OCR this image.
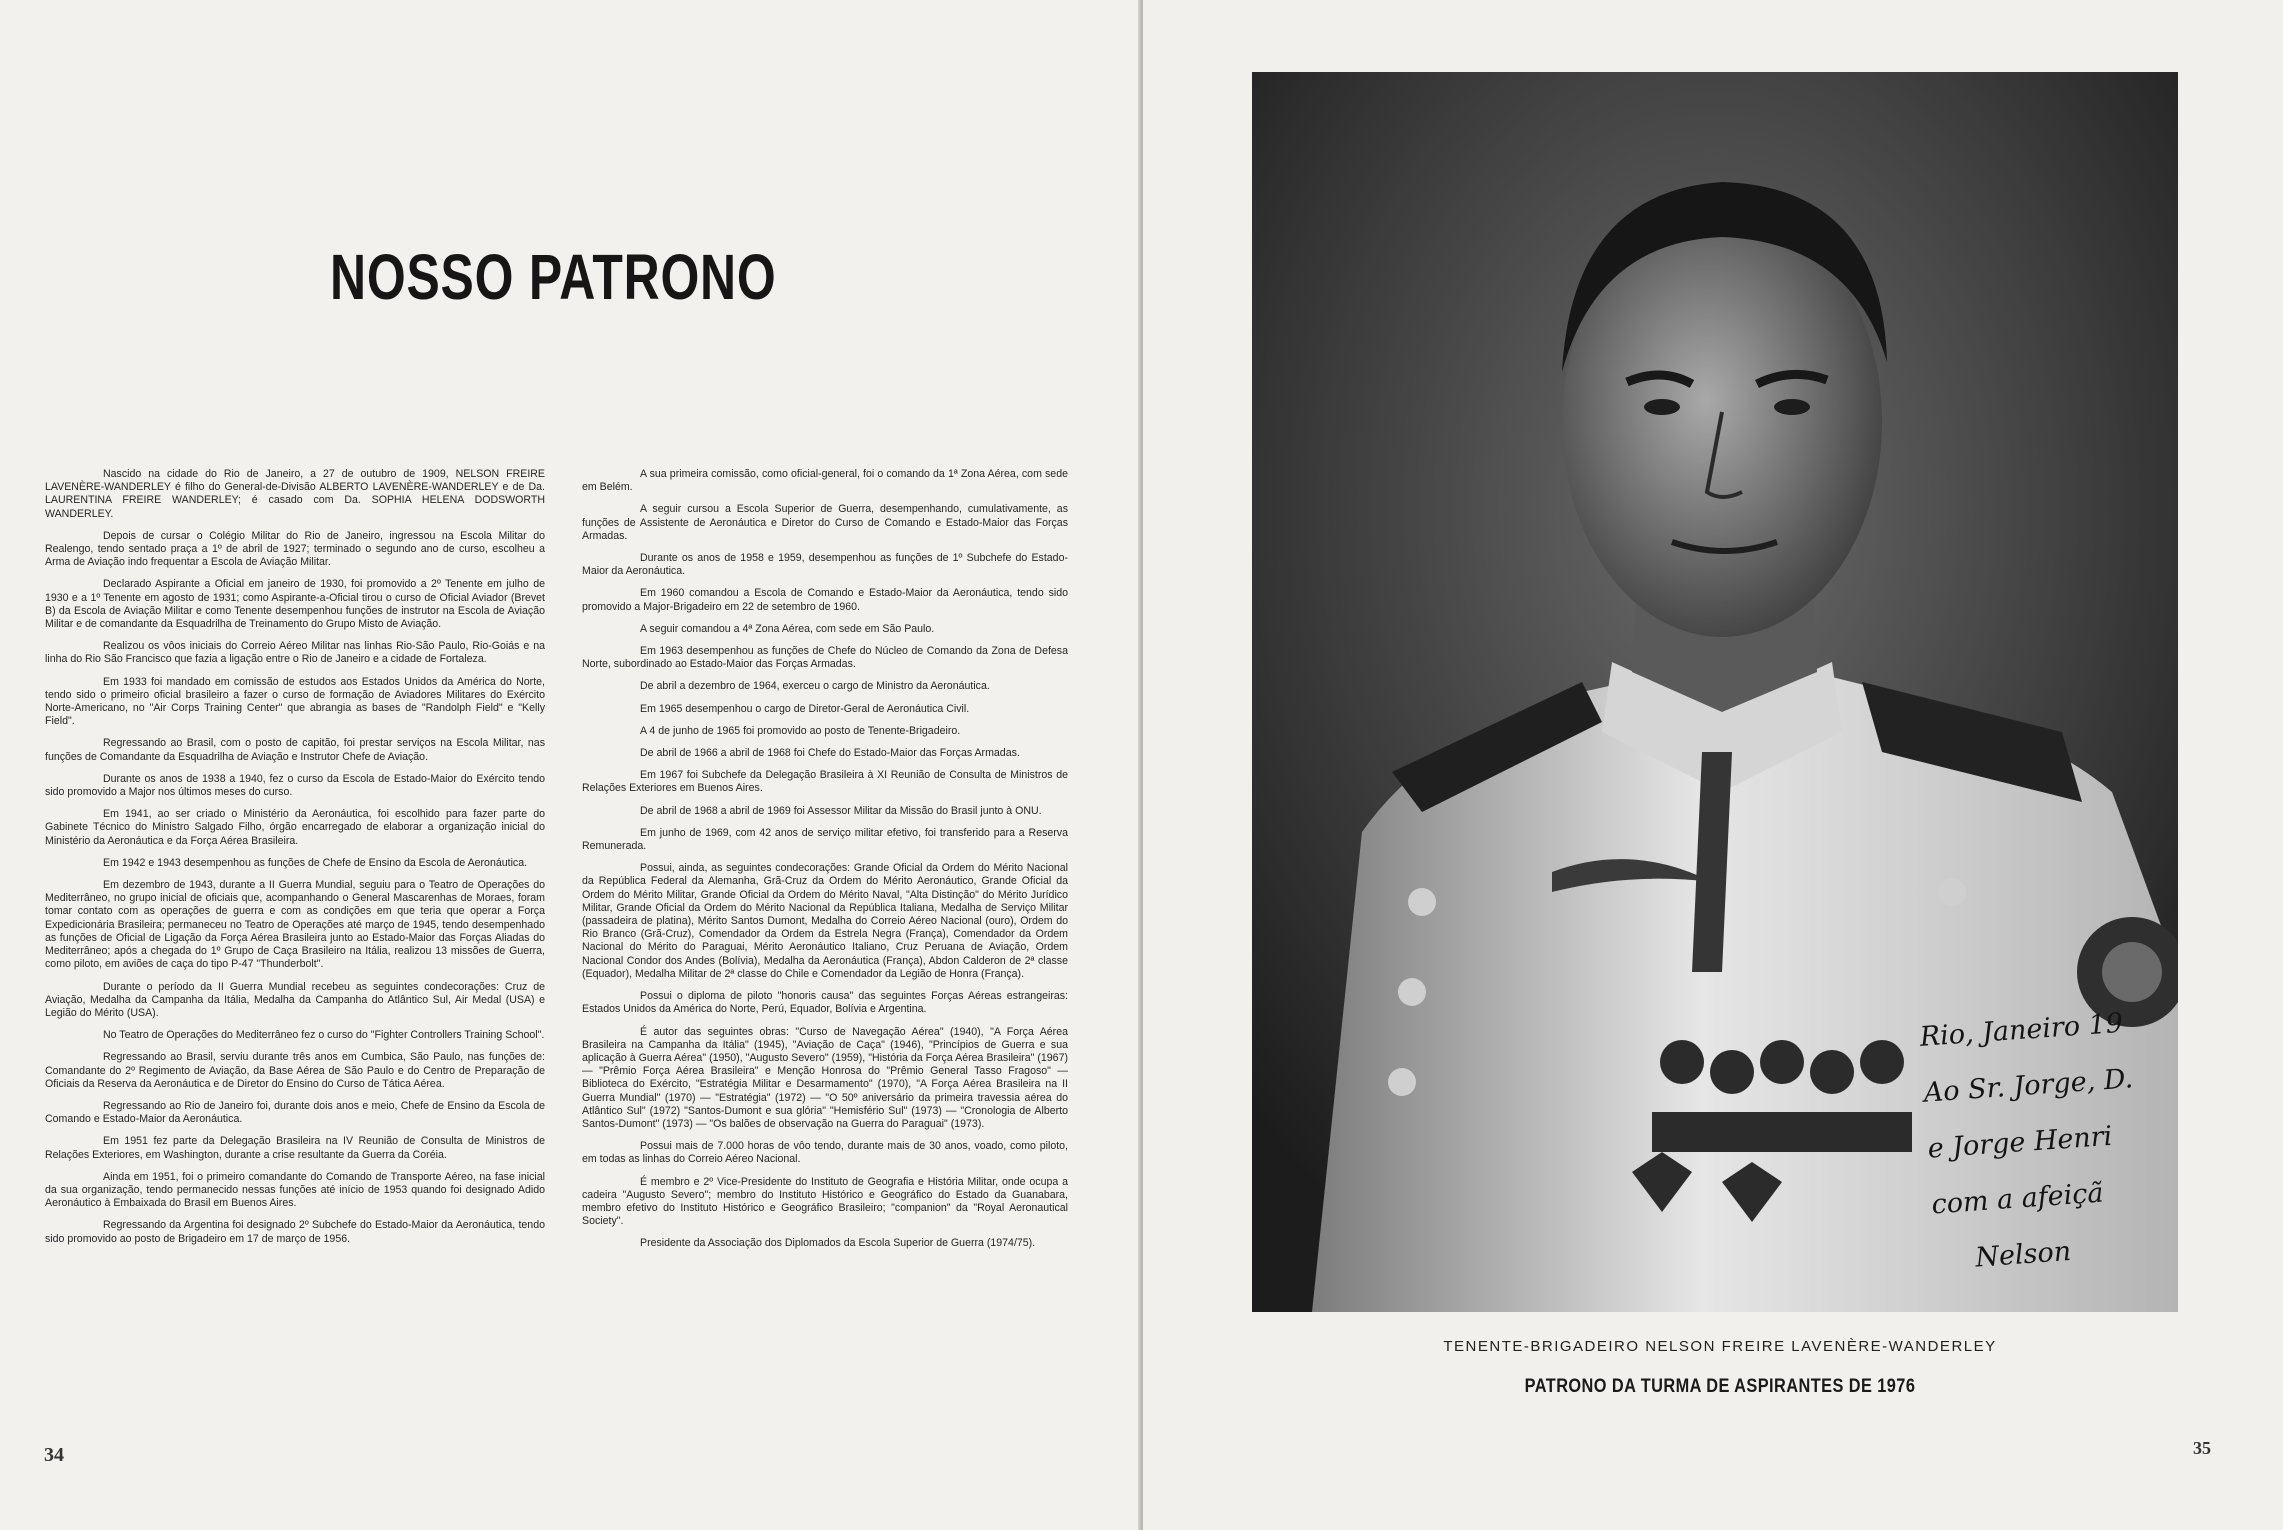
NOSSO PATRONO

Nascido na cidade do Rio de Janeiro, a 27 de outubro de 1909, NELSON FREIRE LAVENÈRE-WANDERLEY é filho do General-de-Divisão ALBERTO LAVENÈRE-WANDERLEY e de Da. LAURENTINA FREIRE WANDERLEY; é casado com Da. SOPHIA HELENA DODSWORTH WANDERLEY.

Depois de cursar o Colégio Militar do Rio de Janeiro, ingressou na Escola Militar do Realengo, tendo sentado praça a 1º de abril de 1927; terminado o segundo ano de curso, escolheu a Arma de Aviação indo frequentar a Escola de Aviação Militar.

Declarado Aspirante a Oficial em janeiro de 1930, foi promovido a 2º Tenente em julho de 1930 e a 1º Tenente em agosto de 1931; como Aspirante-a-Oficial tirou o curso de Oficial Aviador (Brevet B) da Escola de Aviação Militar e como Tenente desempenhou funções de instrutor na Escola de Aviação Militar e de comandante da Esquadrilha de Treinamento do Grupo Misto de Aviação.

Realizou os vôos iniciais do Correio Aéreo Militar nas linhas Rio-São Paulo, Rio-Goiás e na linha do Rio São Francisco que fazia a ligação entre o Rio de Janeiro e a cidade de Fortaleza.

Em 1933 foi mandado em comissão de estudos aos Estados Unidos da América do Norte, tendo sido o primeiro oficial brasileiro a fazer o curso de formação de Aviadores Militares do Exército Norte-Americano, no "Air Corps Training Center" que abrangia as bases de "Randolph Field" e "Kelly Field".

Regressando ao Brasil, com o posto de capitão, foi prestar serviços na Escola Militar, nas funções de Comandante da Esquadrilha de Aviação e Instrutor Chefe de Aviação.

Durante os anos de 1938 a 1940, fez o curso da Escola de Estado-Maior do Exército tendo sido promovido a Major nos últimos meses do curso.

Em 1941, ao ser criado o Ministério da Aeronáutica, foi escolhido para fazer parte do Gabinete Técnico do Ministro Salgado Filho, órgão encarregado de elaborar a organização inicial do Ministério da Aeronáutica e da Força Aérea Brasileira.

Em 1942 e 1943 desempenhou as funções de Chefe de Ensino da Escola de Aeronáutica.

Em dezembro de 1943, durante a II Guerra Mundial, seguiu para o Teatro de Operações do Mediterrâneo, no grupo inicial de oficiais que, acompanhando o General Mascarenhas de Moraes, foram tomar contato com as operações de guerra e com as condições em que teria que operar a Força Expedicionária Brasileira; permaneceu no Teatro de Operações até março de 1945, tendo desempenhado as funções de Oficial de Ligação da Força Aérea Brasileira junto ao Estado-Maior das Forças Aliadas do Mediterrâneo; após a chegada do 1º Grupo de Caça Brasileiro na Itália, realizou 13 missões de Guerra, como piloto, em aviões de caça do tipo P-47 "Thunderbolt".

Durante o período da II Guerra Mundial recebeu as seguintes condecorações: Cruz de Aviação, Medalha da Campanha da Itália, Medalha da Campanha do Atlântico Sul, Air Medal (USA) e Legião do Mérito (USA).

No Teatro de Operações do Mediterrâneo fez o curso do "Fighter Controllers Training School".

Regressando ao Brasil, serviu durante três anos em Cumbica, São Paulo, nas funções de: Comandante do 2º Regimento de Aviação, da Base Aérea de São Paulo e do Centro de Preparação de Oficiais da Reserva da Aeronáutica e de Diretor do Ensino do Curso de Tática Aérea.

Regressando ao Rio de Janeiro foi, durante dois anos e meio, Chefe de Ensino da Escola de Comando e Estado-Maior da Aeronáutica.

Em 1951 fez parte da Delegação Brasileira na IV Reunião de Consulta de Ministros de Relações Exteriores, em Washington, durante a crise resultante da Guerra da Coréia.

Ainda em 1951, foi o primeiro comandante do Comando de Transporte Aéreo, na fase inicial da sua organização, tendo permanecido nessas funções até início de 1953 quando foi designado Adido Aeronáutico à Embaixada do Brasil em Buenos Aires.

Regressando da Argentina foi designado 2º Subchefe do Estado-Maior da Aeronáutica, tendo sido promovido ao posto de Brigadeiro em 17 de março de 1956.

A sua primeira comissão, como oficial-general, foi o comando da 1ª Zona Aérea, com sede em Belém.

A seguir cursou a Escola Superior de Guerra, desempenhando, cumulativamente, as funções de Assistente de Aeronáutica e Diretor do Curso de Comando e Estado-Maior das Forças Armadas.

Durante os anos de 1958 e 1959, desempenhou as funções de 1º Subchefe do Estado-Maior da Aeronáutica.

Em 1960 comandou a Escola de Comando e Estado-Maior da Aeronáutica, tendo sido promovido a Major-Brigadeiro em 22 de setembro de 1960.

A seguir comandou a 4ª Zona Aérea, com sede em São Paulo.

Em 1963 desempenhou as funções de Chefe do Núcleo de Comando da Zona de Defesa Norte, subordinado ao Estado-Maior das Forças Armadas.

De abril a dezembro de 1964, exerceu o cargo de Ministro da Aeronáutica.

Em 1965 desempenhou o cargo de Diretor-Geral de Aeronáutica Civil.

A 4 de junho de 1965 foi promovido ao posto de Tenente-Brigadeiro.

De abril de 1966 a abril de 1968 foi Chefe do Estado-Maior das Forças Armadas.

Em 1967 foi Subchefe da Delegação Brasileira à XI Reunião de Consulta de Ministros de Relações Exteriores em Buenos Aires.

De abril de 1968 a abril de 1969 foi Assessor Militar da Missão do Brasil junto à ONU.

Em junho de 1969, com 42 anos de serviço militar efetivo, foi transferido para a Reserva Remunerada.

Possui, ainda, as seguintes condecorações: Grande Oficial da Ordem do Mérito Nacional da República Federal da Alemanha, Grã-Cruz da Ordem do Mérito Aeronáutico, Grande Oficial da Ordem do Mérito Militar, Grande Oficial da Ordem do Mérito Naval, "Alta Distinção" do Mérito Jurídico Militar, Grande Oficial da Ordem do Mérito Nacional da República Italiana, Medalha de Serviço Militar (passadeira de platina), Mérito Santos Dumont, Medalha do Correio Aéreo Nacional (ouro), Ordem do Rio Branco (Grã-Cruz), Comendador da Ordem da Estrela Negra (França), Comendador da Ordem Nacional do Mérito do Paraguai, Mérito Aeronáutico Italiano, Cruz Peruana de Aviação, Ordem Nacional Condor dos Andes (Bolívia), Medalha da Aeronáutica (França), Abdon Calderon de 2ª classe (Equador), Medalha Militar de 2ª classe do Chile e Comendador da Legião de Honra (França).

Possui o diploma de piloto "honoris causa" das seguintes Forças Aéreas estrangeiras: Estados Unidos da América do Norte, Perú, Equador, Bolívia e Argentina.

É autor das seguintes obras: "Curso de Navegação Aérea" (1940), "A Força Aérea Brasileira na Campanha da Itália" (1945), "Aviação de Caça" (1946), "Princípios de Guerra e sua aplicação à Guerra Aérea" (1950), "Augusto Severo" (1959), "História da Força Aérea Brasileira" (1967) — "Prêmio Força Aérea Brasileira" e Menção Honrosa do "Prêmio General Tasso Fragoso" — Biblioteca do Exército, "Estratégia Militar e Desarmamento" (1970), "A Força Aérea Brasileira na II Guerra Mundial" (1970) — "Estratégia" (1972) — "O 50º aniversário da primeira travessia aérea do Atlântico Sul" (1972) "Santos-Dumont e sua glória" "Hemisfério Sul" (1973) — "Cronologia de Alberto Santos-Dumont" (1973) — "Os balões de observação na Guerra do Paraguai" (1973).

Possui mais de 7.000 horas de vôo tendo, durante mais de 30 anos, voado, como piloto, em todas as linhas do Correio Aéreo Nacional.

É membro e 2º Vice-Presidente do Instituto de Geografia e História Militar, onde ocupa a cadeira "Augusto Severo"; membro do Instituto Histórico e Geográfico do Estado da Guanabara, membro efetivo do Instituto Histórico e Geográfico Brasileiro; "companion" da "Royal Aeronautical Society".

Presidente da Associação dos Diplomados da Escola Superior de Guerra (1974/75).

34	35
Rio, Janeiro 19
Ao Sr. Jorge, D.
e Jorge Henri
com a afeiçã
Nelson
TENENTE-BRIGADEIRO NELSON FREIRE LAVENÈRE-WANDERLEY
PATRONO DA TURMA DE ASPIRANTES DE 1976
